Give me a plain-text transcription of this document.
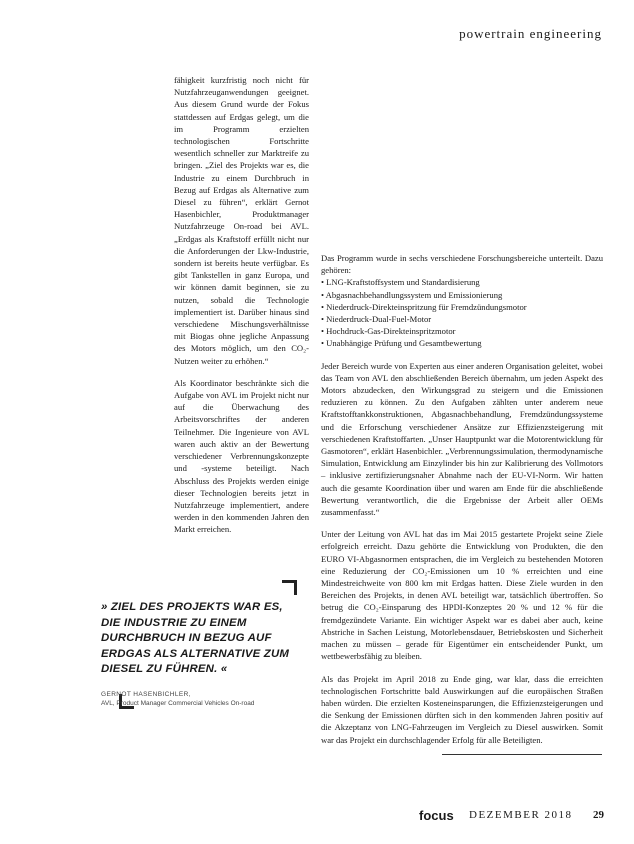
powertrain engineering

fähigkeit kurzfristig noch nicht für Nutzfahrzeuganwendungen geeignet. Aus diesem Grund wurde der Fokus stattdessen auf Erdgas gelegt, um die im Programm erzielten technologischen Fortschritte wesentlich schneller zur Marktreife zu bringen. „Ziel des Projekts war es, die Industrie zu einem Durchbruch in Bezug auf Erdgas als Alternative zum Diesel zu führen“, erklärt Gernot Hasenbichler, Produktmanager Nutzfahrzeuge On-road bei AVL. „Erdgas als Kraftstoff erfüllt nicht nur die Anforderungen der Lkw-Industrie, sondern ist bereits heute verfügbar. Es gibt Tankstellen in ganz Europa, und wir können damit beginnen, sie zu nutzen, sobald die Technologie implementiert ist. Darüber hinaus sind verschiedene Mischungsverhältnisse mit Biogas ohne jegliche Anpassung des Motors möglich, um den CO₂-Nutzen weiter zu erhöhen.“

Als Koordinator beschränkte sich die Aufgabe von AVL im Projekt nicht nur auf die Überwachung des Arbeitsvorschriftes der anderen Teilnehmer. Die Ingenieure von AVL waren auch aktiv an der Bewertung verschiedener Verbrennungskonzepte und -systeme beteiligt. Nach Abschluss des Projekts werden einige dieser Technologien bereits jetzt in Nutzfahrzeuge implementiert, andere werden in den kommenden Jahren den Markt erreichen.

Das Programm wurde in sechs verschiedene Forschungsbereiche unterteilt. Dazu gehören:

• LNG-Kraftstoffsystem und Standardisierung
• Abgasnachbehandlungssystem und Emissionierung
• Niederdruck-Direkteinspritzung für Fremdzündungsmotor
• Niederdruck-Dual-Fuel-Motor
• Hochdruck-Gas-Direkteinspritzmotor
• Unabhängige Prüfung und Gesamtbewertung

Jeder Bereich wurde von Experten aus einer anderen Organisation geleitet, wobei das Team von AVL den abschließenden Bereich übernahm, um jeden Aspekt des Motors abzudecken, den Wirkungsgrad zu steigern und die Emissionen reduzieren zu können. Zu den Aufgaben zählten unter anderem neue Kraftstofftankkonstruktionen, Abgasnachbehandlung, Fremdzündungssysteme und die Erforschung verschiedener Ansätze zur Effizienzsteigerung mit verschiedenen Kraftstoffarten. „Unser Hauptpunkt war die Motorentwicklung für Gasmotoren“, erklärt Hasenbichler. „Verbrennungssimulation, thermodynamische Simulation, Entwicklung am Einzylinder bis hin zur Kalibrierung des Vollmotors – inklusive zertifizierungsnaher Abnahme nach der EU-VI-Norm. Wir hatten auch die gesamte Koordination über und waren am Ende für die abschließende Bewertung verantwortlich, die die Ergebnisse der Arbeit aller OEMs zusammenfasst.“

Unter der Leitung von AVL hat das im Mai 2015 gestartete Projekt seine Ziele erfolgreich erreicht. Dazu gehörte die Entwicklung von Produkten, die den EURO VI-Abgasnormen entsprachen, die im Vergleich zu bestehenden Motoren eine Reduzierung der CO₂-Emissionen um 10 % erreichten und eine Mindestreichweite von 800 km mit Erdgas hatten. Diese Ziele wurden in den Bereichen des Projekts, in denen AVL beteiligt war, tatsächlich übertroffen. So betrug die CO₂-Einsparung des HPDI-Konzeptes 20 % und 12 % für die fremdgezündete Variante. Ein wichtiger Aspekt war es dabei aber auch, keine Abstriche in Sachen Leistung, Motorlebensdauer, Betriebskosten und Sicherheit machen zu müssen – gerade für Eigentümer ein entscheidender Punkt, um wettbewerbsfähig zu bleiben.

Als das Projekt im April 2018 zu Ende ging, war klar, dass die erreichten technologischen Fortschritte bald Auswirkungen auf die europäischen Straßen haben würden. Die erzielten Kosteneinsparungen, die Effizienzsteigerungen und die Senkung der Emissionen dürften sich in den kommenden Jahren positiv auf die Akzeptanz von LNG-Fahrzeugen im Vergleich zu Diesel auswirken. Somit war das Projekt ein durchschlagender Erfolg für alle Beteiligten.

» ZIEL DES PROJEKTS WAR ES, DIE INDUSTRIE ZU EINEM DURCHBRUCH IN BEZUG AUF ERDGAS ALS ALTERNATIVE ZUM DIESEL ZU FÜHREN. «

GERNOT HASENBICHLER,
AVL, Product Manager Commercial Vehicles On-road
focus DEZEMBER 2018 29
